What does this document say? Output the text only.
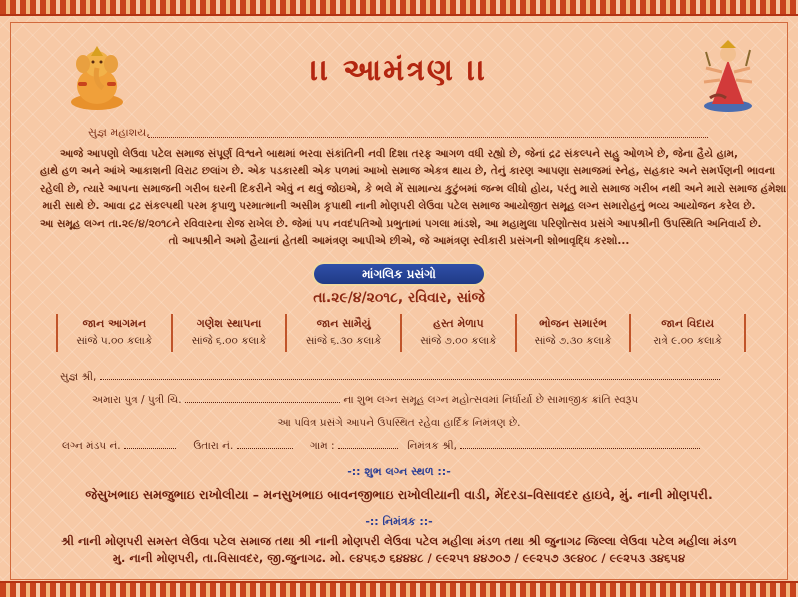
।। આમંત્રણ ।।
સુજ્ઞ મહાશય,
આજે આપણો લેઉવા પટેલ સમાજ સંપૂર્ણ વિશ્વને બાથમાં ભરવા સંકાંતિની નવી દિશા તરફ આગળ વધી રહ્યો છે, જેનાં દ્રઢ સંકલ્પને સહુ ઓળખે છે, જેના હૈયે હામ,
હાથે હળ અને આંખે આકાશની વિરાટ છલાંગ છે. એક પડકારથી એક પળમાં આખો સમાજ એકત્ર થાય છે, તેનું કારણ આપણા સમાજમાં સ્નેહ, સહકાર અને સમર્પણની ભાવના
રહેલી છે, ત્યારે આપના સમાજની ગરીબ ઘરની દિકરીને એવું ન થવું જોઇએ, કે ભલે મેં સામાન્ય કુટુંબમાં જન્મ લીધો હોય, પરંતુ મારો સમાજ ગરીબ નથી અને મારો સમાજ હંમેશા
મારી સાથે છે. આવા દ્રઢ સંકલ્પથી પરમ કૃપાળુ પરમાત્માની અસીમ કૃપાથી નાની મોણપરી લેઉવા પટેલ સમાજ આયોજીત સમૂહ લગ્ન સમારોહનું ભવ્ય આયોજન કરેલ છે.
આ સમૂહ લગ્ન તા.૨૯/૪/૨૦૧૮ને રવિવારના રોજ રાખેલ છે. જેમાં ૫૫ નવદંપતિઓ પ્રભુતામાં પગલા માંડશે, આ મહામુલા પરિણોત્સવ પ્રસંગે આપશ્રીની ઉપસ્થિતિ અનિવાર્ય છે.
તો આપશ્રીને અમો હૈયાનાં હેતથી આમંત્રણ આપીએ છીએ, જે આમંત્રણ સ્વીકારી પ્રસંગની શોભાવૃદ્ધિ કરશો...
માંગલિક પ્રસંગો
તા.૨૯/૪/૨૦૧૮, રવિવાર, સાંજે
જાન આગમન
સાંજે ૫.૦૦ કલાકે
ગણેશ સ્થાપના
સાંજે ૬.૦૦ કલાકે
જાન સામૈયું
સાંજે ૬.૩૦ કલાકે
હસ્ત મેળાપ
સાંજે ૭.૦૦ કલાકે
ભોજન સમારંભ
સાંજે ૭.૩૦ કલાકે
જાન વિદાય
રાત્રે ૯.૦૦ કલાકે
સુજ્ઞ શ્રી,
અમારા પુત્ર / પુત્રી ચિ.	ના શુભ લગ્ન સમૂહ લગ્ન મહોત્સવમાં નિર્ધાર્યા છે સામાજીક ક્રાંતિ સ્વરૂપ
આ પવિત્ર પ્રસંગે આપને ઉપસ્થિત રહેવા હાર્દિક નિમંત્રણ છે.
લગ્ન મંડપ નં.	ઉતારા નં.	ગામ :	નિમંત્રક શ્રી,
-:: શુભ લગ્ન સ્થળ ::-
જેસુખભાઇ સમજુભાઇ રાખોલીયા – મનસુખભાઇ બાવનજીભાઇ રાખોલીયાની વાડી, મેંદરડા–વિસાવદર હાઇવે, મું. નાની મોણપરી.
-:: નિમંત્રક ::-
શ્રી નાની મોણપરી સમસ્ત લેઉવા પટેલ સમાજ તથા શ્રી નાની મોણપરી લેઉવા પટેલ મહીલા મંડળ તથા શ્રી જુનાગઢ જિલ્લા લેઉવા પટેલ મહીલા મંડળ
મુ. નાની મોણપરી, તા.વિસાવદર, જી.જુનાગઢ. મો. ૯૪૫૬૭ ૬૪૪૪૮ / ૯૯૨૫૧ ૪૪૭૦૭ / ૯૯૨૫૭ ૩૯૪૦૮ / ૯૯૨૫૩ ૩૪૬૫૪
